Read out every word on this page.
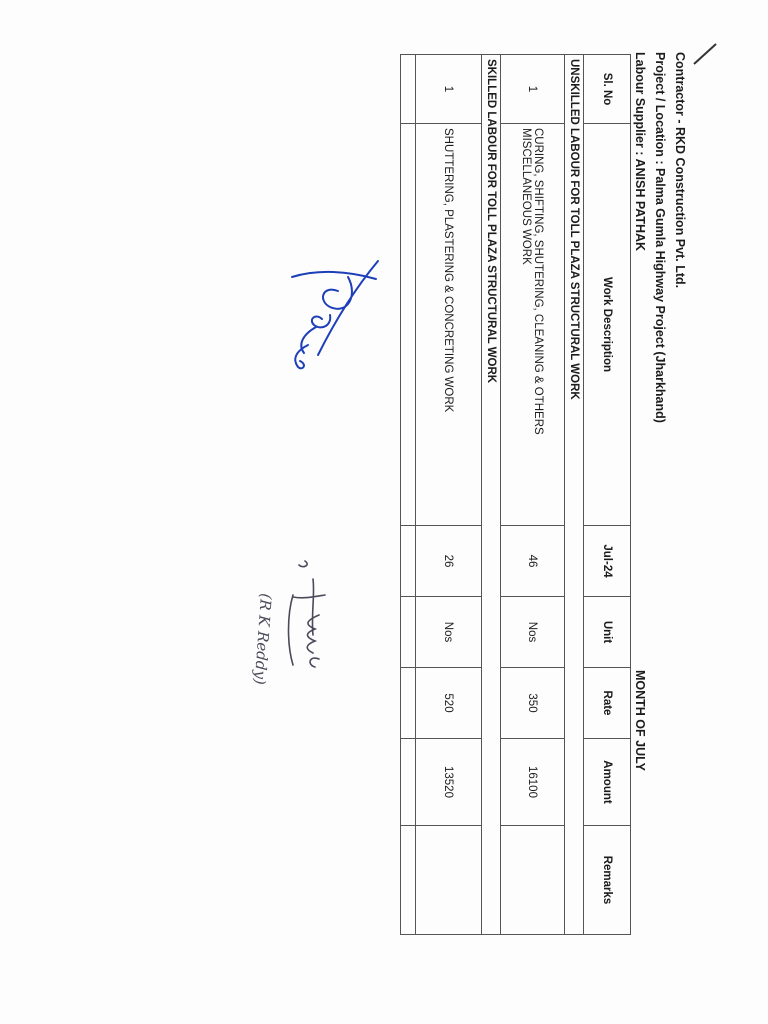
Contractor - RKD Construction Pvt. Ltd.
Project / Location : Palma Gumla Highway Project (Jharkhand)
Labour Supplier : ANISH PATHAK
MONTH OF JULY
Sl. No	Work Description	Jul-24	Unit	Rate	Amount	Remarks
UNSKILLED LABOUR FOR TOLL PLAZA STRUCTURAL WORK						
1	CURING, SHIFTING, SHUTERING, CLEANING & OTHERS MISCELLANEOUS WORK	46	Nos	350	16100	
SKILLED LABOUR FOR TOLL PLAZA STRUCTURAL WORK						
1	SHUTTERING, PLASTERING & CONCRETING WORK	26	Nos	520	13520	

(R K Reddy)
